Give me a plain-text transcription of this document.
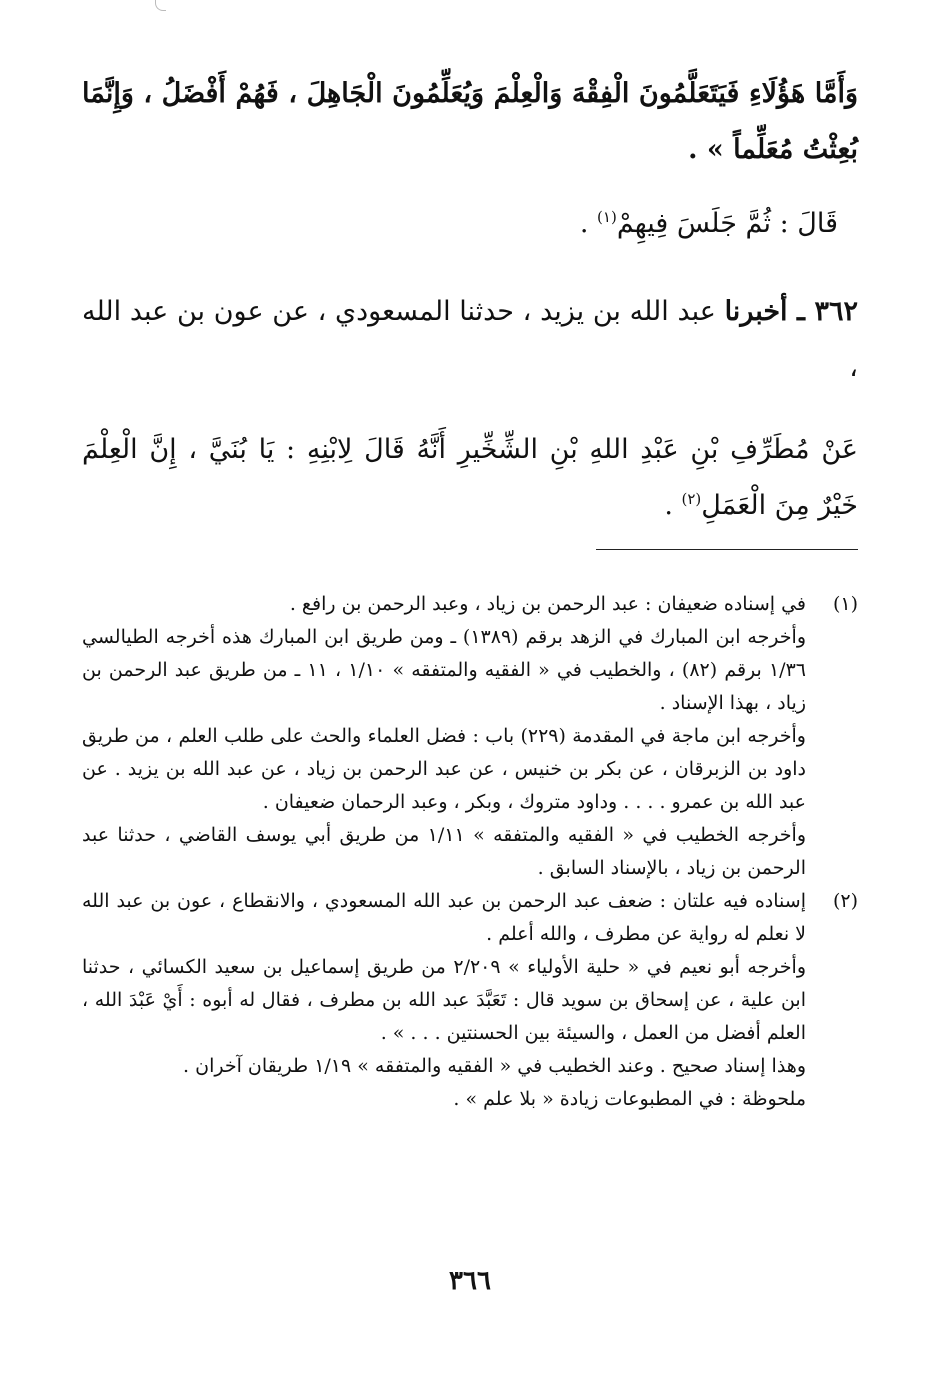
وَأَمَّا هَؤُلَاءِ فَيَتَعَلَّمُونَ الْفِقْهَ وَالْعِلْمَ وَيُعَلِّمُونَ الْجَاهِلَ ، فَهُمْ أَفْضَلُ ، وَإِنَّمَا بُعِثْتُ مُعَلِّماً » .

قَالَ : ثُمَّ جَلَسَ فِيهِمْ$^{(١)}$ .

٣٦٢ ـ أخبرنا عبد الله بن يزيد ، حدثنا المسعودي ، عن عون بن عبد الله ،

عَنْ مُطَرِّفِ بْنِ عَبْدِ اللهِ بْنِ الشِّخِّيرِ أَنَّهُ قَالَ لِابْنِهِ : يَا بُنَيَّ ، إِنَّ الْعِلْمَ خَيْرٌ مِنَ الْعَمَلِ$^{(٢)}$ .

(١)

في إسناده ضعيفان : عبد الرحمن بن زياد ، وعبد الرحمن بن رافع .

وأخرجه ابن المبارك في الزهد برقم (١٣٨٩) ـ ومن طريق ابن المبارك هذه أخرجه الطيالسي ١/٣٦ برقم (٨٢) ، والخطيب في « الفقيه والمتفقه » ١/١٠ ، ١١ ـ من طريق عبد الرحمن بن زياد ، بهذا الإسناد .

وأخرجه ابن ماجة في المقدمة (٢٢٩) باب : فضل العلماء والحث على طلب العلم ، من طريق داود بن الزبرقان ، عن بكر بن خنيس ، عن عبد الرحمن بن زياد ، عن عبد الله بن يزيد . عن عبد الله بن عمرو . . . . وداود متروك ، وبكر ، وعبد الرحمان ضعيفان .

وأخرجه الخطيب في « الفقيه والمتفقه » ١/١١ من طريق أبي يوسف القاضي ، حدثنا عبد الرحمن بن زياد ، بالإسناد السابق .

(٢)

إسناده فيه علتان : ضعف عبد الرحمن بن عبد الله المسعودي ، والانقطاع ، عون بن عبد الله لا نعلم له رواية عن مطرف ، والله أعلم .

وأخرجه أبو نعيم في « حلية الأولياء » ٢/٢٠٩ من طريق إسماعيل بن سعيد الكسائي ، حدثنا ابن علية ، عن إسحاق بن سويد قال : تَعَبَّدَ عبد الله بن مطرف ، فقال له أبوه : أَيْ عَبْدَ الله ، العلم أفضل من العمل ، والسيئة بين الحسنتين . . . » .

وهذا إسناد صحيح . وعند الخطيب في « الفقيه والمتفقه » ١/١٩ طريقان آخران .

ملحوظة : في المطبوعات زيادة « بلا علم » .

٣٦٦
